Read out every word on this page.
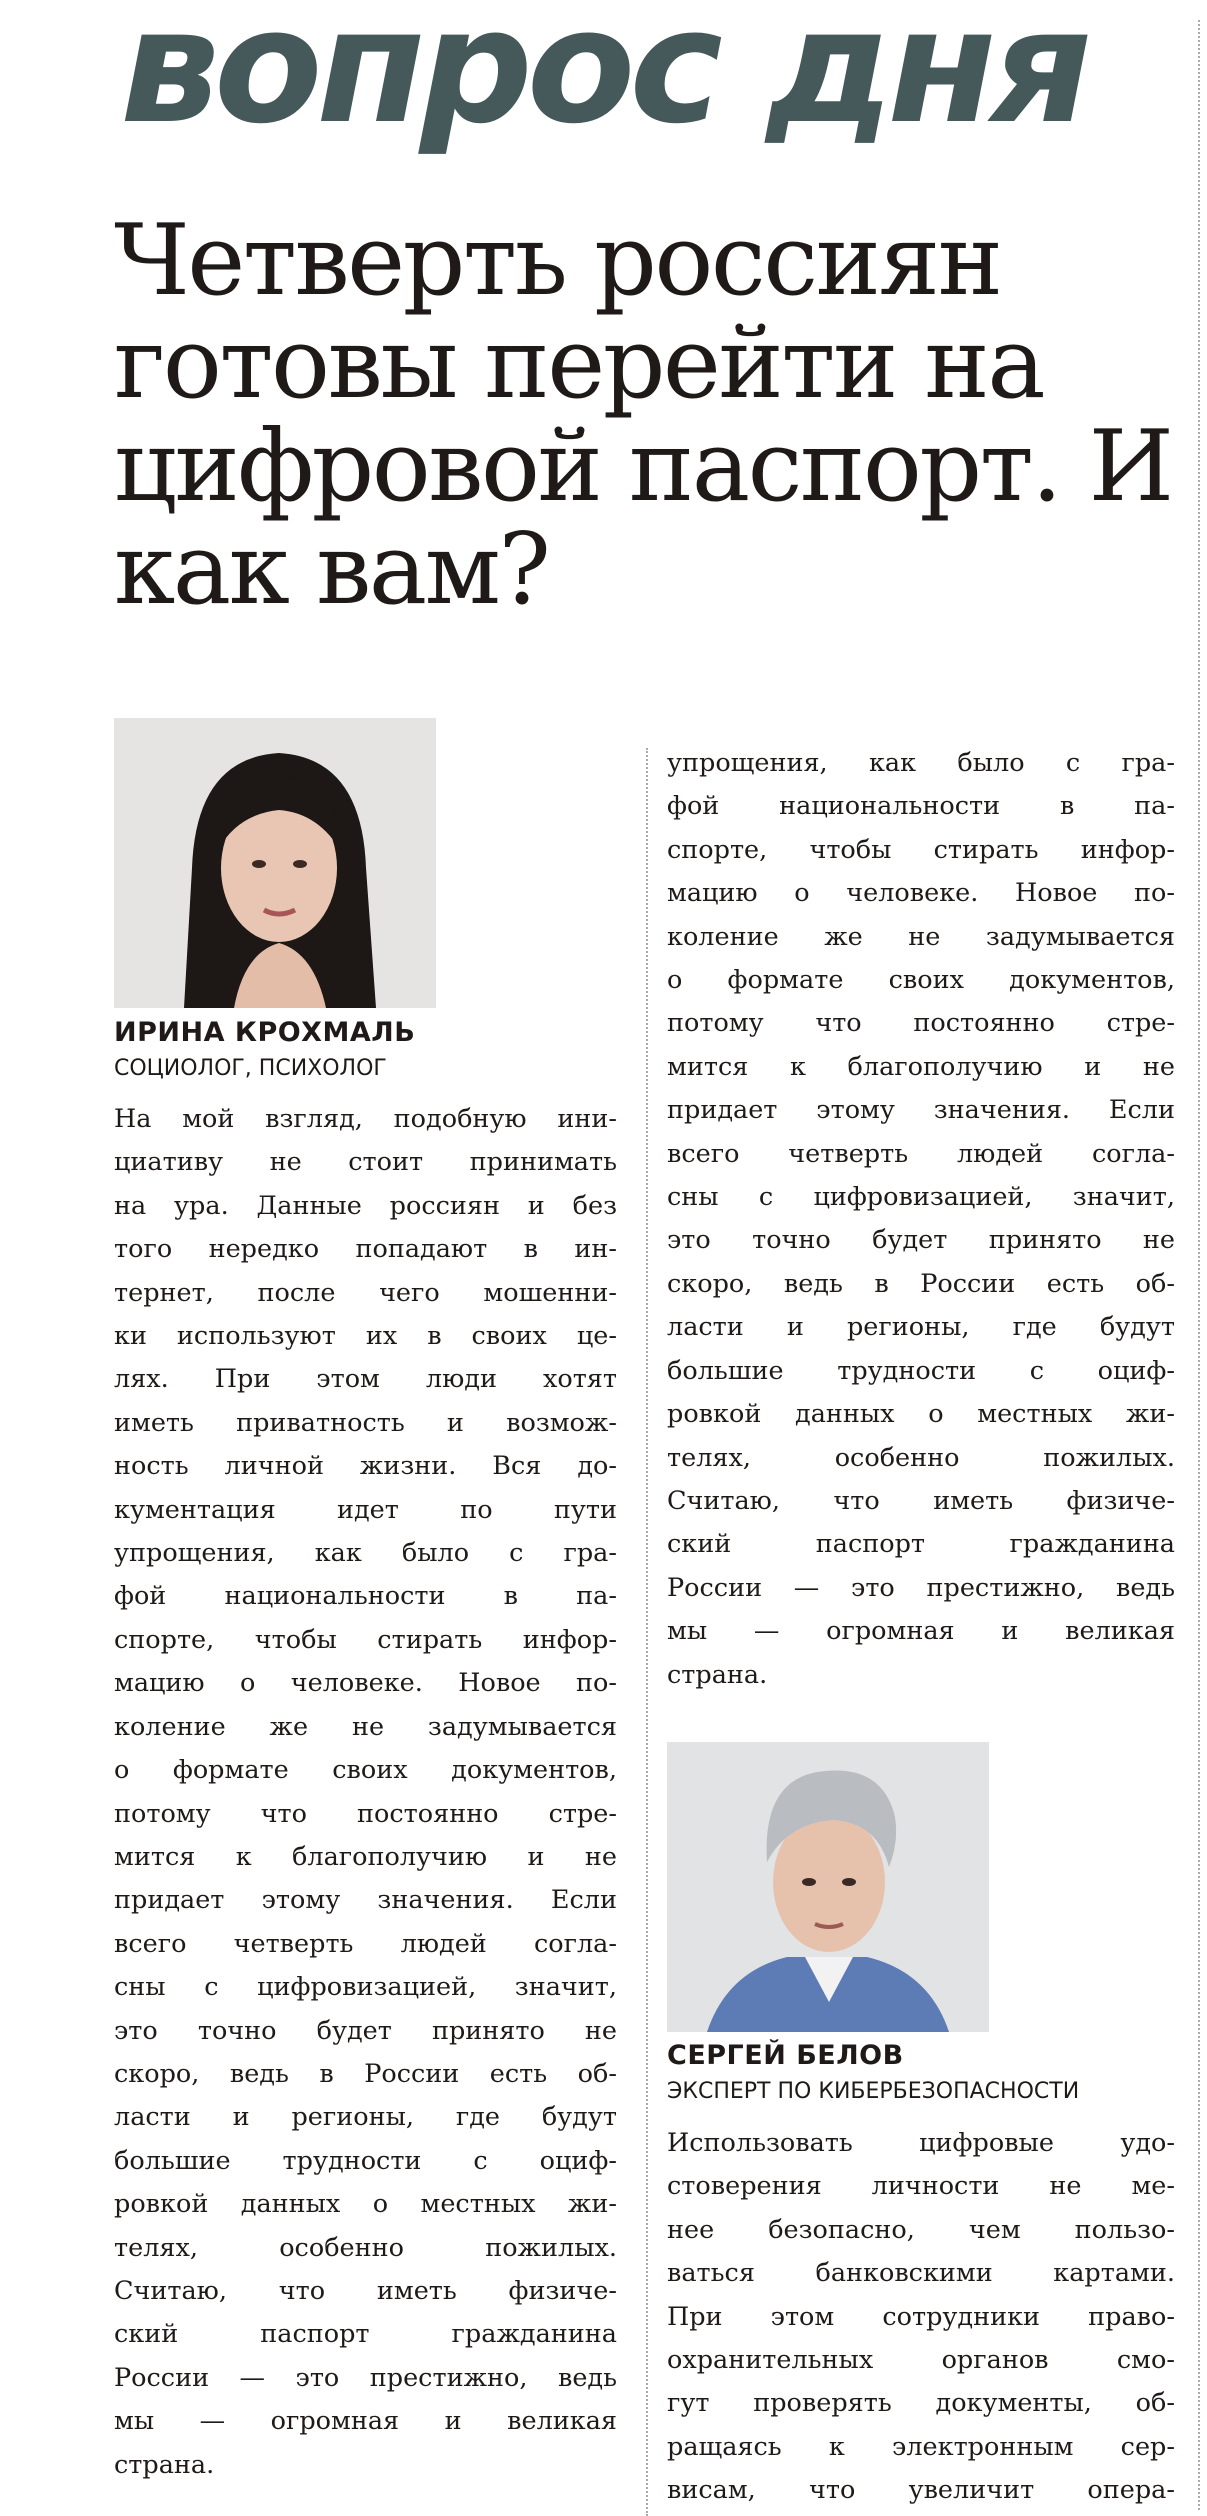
вопрос дня
Четверть россиян готовы перейти на цифровой паспорт. И как вам?
ИРИНА КРОХМАЛЬ
СОЦИОЛОГ, ПСИХОЛОГ
На мой взгляд, подобную ини-
циативу не стоит принимать
на ура. Данные россиян и без
того нередко попадают в ин-
тернет, после чего мошенни-
ки используют их в своих це-
лях. При этом люди хотят
иметь приватность и возмож-
ность личной жизни. Вся до-
кументация идет по пути
упрощения, как было с гра-
фой национальности в па-
спорте, чтобы стирать инфор-
мацию о человеке. Новое по-
коление же не задумывается
о формате своих документов,
потому что постоянно стре-
мится к благополучию и не
придает этому значения. Если
всего четверть людей согла-
сны с цифровизацией, значит,
это точно будет принято не
скоро, ведь в России есть об-
ласти и регионы, где будут
большие трудности с оциф-
ровкой данных о местных жи-
телях, особенно пожилых.
Считаю, что иметь физиче-
ский паспорт гражданина
России — это престижно, ведь
мы — огромная и великая
страна.
упрощения, как было с гра-
фой национальности в па-
спорте, чтобы стирать инфор-
мацию о человеке. Новое по-
коление же не задумывается
о формате своих документов,
потому что постоянно стре-
мится к благополучию и не
придает этому значения. Если
всего четверть людей согла-
сны с цифровизацией, значит,
это точно будет принято не
скоро, ведь в России есть об-
ласти и регионы, где будут
большие трудности с оциф-
ровкой данных о местных жи-
телях, особенно пожилых.
Считаю, что иметь физиче-
ский паспорт гражданина
России — это престижно, ведь
мы — огромная и великая
страна.
СЕРГЕЙ БЕЛОВ
ЭКСПЕРТ ПО КИБЕРБЕЗОПАСНОСТИ
Использовать цифровые удо-
стоверения личности не ме-
нее безопасно, чем пользо-
ваться банковскими картами.
При этом сотрудники право-
охранительных органов смо-
гут проверять документы, об-
ращаясь к электронным сер-
висам, что увеличит опера-
